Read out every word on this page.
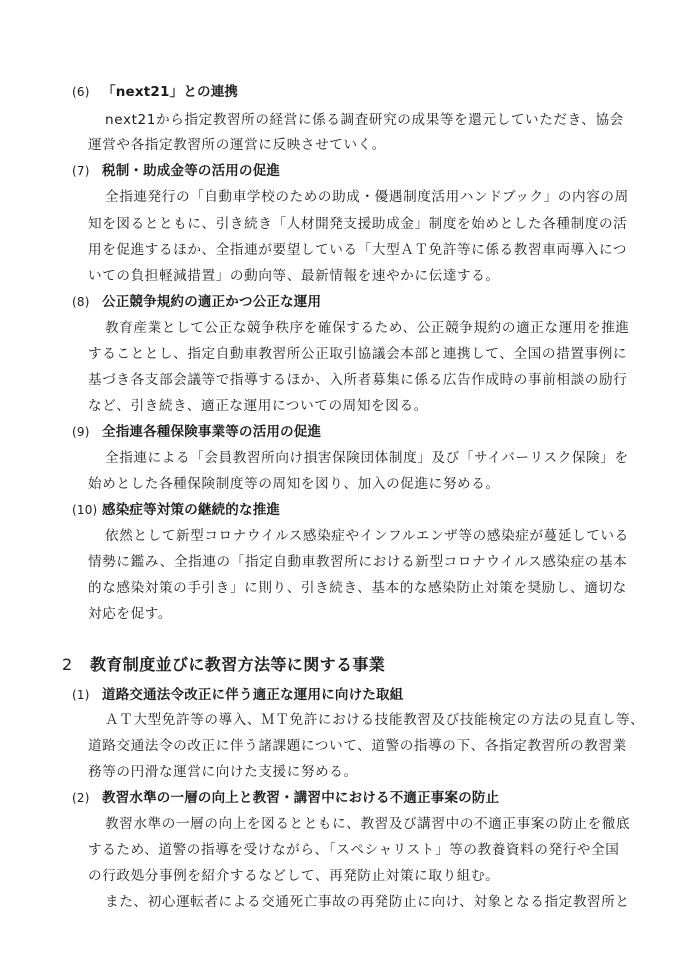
(6) 「next21」との連携
next21から指定教習所の経営に係る調査研究の成果等を還元していただき、協会
運営や各指定教習所の運営に反映させていく。
(7) 税制・助成金等の活用の促進
全指連発行の「自動車学校のための助成・優遇制度活用ハンドブック」の内容の周
知を図るとともに、引き続き「人材開発支援助成金」制度を始めとした各種制度の活
用を促進するほか、全指連が要望している「大型ＡＴ免許等に係る教習車両導入につ
いての負担軽減措置」の動向等、最新情報を速やかに伝達する。
(8) 公正競争規約の適正かつ公正な運用
教育産業として公正な競争秩序を確保するため、公正競争規約の適正な運用を推進
することとし、指定自動車教習所公正取引協議会本部と連携して、全国の措置事例に
基づき各支部会議等で指導するほか、入所者募集に係る広告作成時の事前相談の励行
など、引き続き、適正な運用についての周知を図る。
(9) 全指連各種保険事業等の活用の促進
全指連による「会員教習所向け損害保険団体制度」及び「サイバーリスク保険」を
始めとした各種保険制度等の周知を図り、加入の促進に努める。
(10) 感染症等対策の継続的な推進
依然として新型コロナウイルス感染症やインフルエンザ等の感染症が蔓延している
情勢に鑑み、全指連の「指定自動車教習所における新型コロナウイルス感染症の基本
的な感染対策の手引き」に則り、引き続き、基本的な感染防止対策を奨励し、適切な
対応を促す。
2 教育制度並びに教習方法等に関する事業
(1) 道路交通法令改正に伴う適正な運用に向けた取組
ＡＴ大型免許等の導入、ＭＴ免許における技能教習及び技能検定の方法の見直し等、
道路交通法令の改正に伴う諸課題について、道警の指導の下、各指定教習所の教習業
務等の円滑な運営に向けた支援に努める。
(2) 教習水準の一層の向上と教習・講習中における不適正事案の防止
教習水準の一層の向上を図るとともに、教習及び講習中の不適正事案の防止を徹底
するため、道警の指導を受けながら、「スペシャリスト」等の教養資料の発行や全国
の行政処分事例を紹介するなどして、再発防止対策に取り組む。
また、初心運転者による交通死亡事故の再発防止に向け、対象となる指定教習所と
